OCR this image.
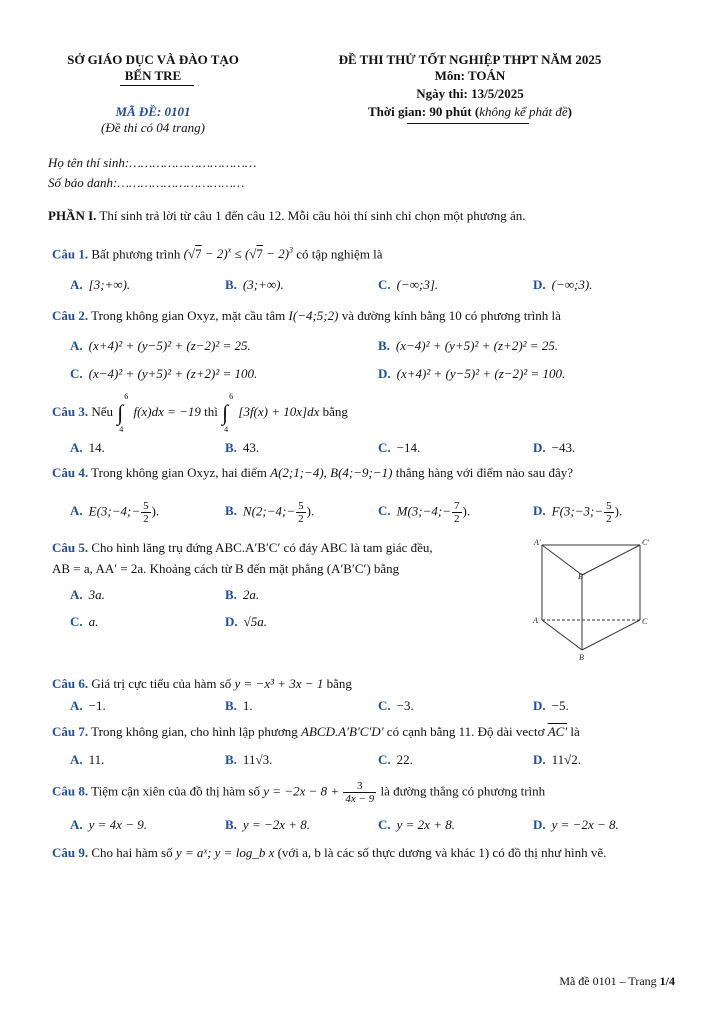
SỞ GIÁO DỤC VÀ ĐÀO TẠO
BẾN TRE
MÃ ĐỀ: 0101
(Đề thi có 04 trang)
ĐỀ THI THỬ TỐT NGHIỆP THPT NĂM 2025
Môn: TOÁN
Ngày thi: 13/5/2025
Thời gian: 90 phút (không kể phát đề)
Họ tên thí sinh:……………………………
Số báo danh:……………………………
PHẦN I. Thí sinh trả lời từ câu 1 đến câu 12. Mỗi câu hỏi thí sinh chỉ chọn một phương án.
Câu 1. Bất phương trình $(√7 - 2)^x \le (√7 - 2)^3$ có tập nghiệm là
A. [3;+∞).	B. (3;+∞).	C. (−∞;3].	D. (−∞;3).
Câu 2. Trong không gian Oxyz, mặt cầu tâm I(−4;5;2) và đường kính bằng 10 có phương trình là
A. (x+4)² + (y−5)² + (z−2)² = 25.	B. (x−4)² + (y+5)² + (z+2)² = 25.
C. (x−4)² + (y+5)² + (z+2)² = 100.	D. (x+4)² + (y−5)² + (z−2)² = 100.
Câu 3. Nếu ∫
6
4
f(x)dx = −19 thì ∫
6
4
[3f(x) + 10x]dx bằng
A. 14.	B. 43.	C. −14.	D. −43.
Câu 4. Trong không gian Oxyz, hai điểm A(2;1;−4), B(4;−9;−1) thẳng hàng với điểm nào sau đây?
A. E(3;−4;− $\frac{5}{2}$ ).	B. N(2;−4;− $\frac{5}{2}$ ).	C. M(3;−4;− $\frac{7}{2}$ ).	D. F(3;−3;− $\frac{5}{2}$ ).
Câu 5. Cho hình lăng trụ đứng ABC.A′B′C′ có đáy ABC là tam giác đều,
AB = a, AA′ = 2a. Khoảng cách từ B đến mặt phẳng (A′B′C′) bằng
A. 3a.	B. 2a.
C. a.	D. √5a.
A′	C′
B′
A	C
B
Câu 6. Giá trị cực tiểu của hàm số y = −x³ + 3x − 1 bằng
A. −1.	B. 1.	C. −3.	D. −5.
Câu 7. Trong không gian, cho hình lập phương ABCD.A′B′C′D′ có cạnh bằng 11. Độ dài vectơ AC′ là
A. 11.	B. 11√3.	C. 22.	D. 11√2.
Câu 8. Tiệm cận xiên của đồ thị hàm số $y = -2x - 8 + \frac{3}{4x - 9}$ là đường thẳng có phương trình
A. y = 4x − 9.	B. y = −2x + 8.	C. y = 2x + 8.	D. y = −2x − 8.
Câu 9. Cho hai hàm số y = aˣ; y = log_b x (với a, b là các số thực dương và khác 1) có đồ thị như hình vẽ.
Mã đề 0101 – Trang 1/4
